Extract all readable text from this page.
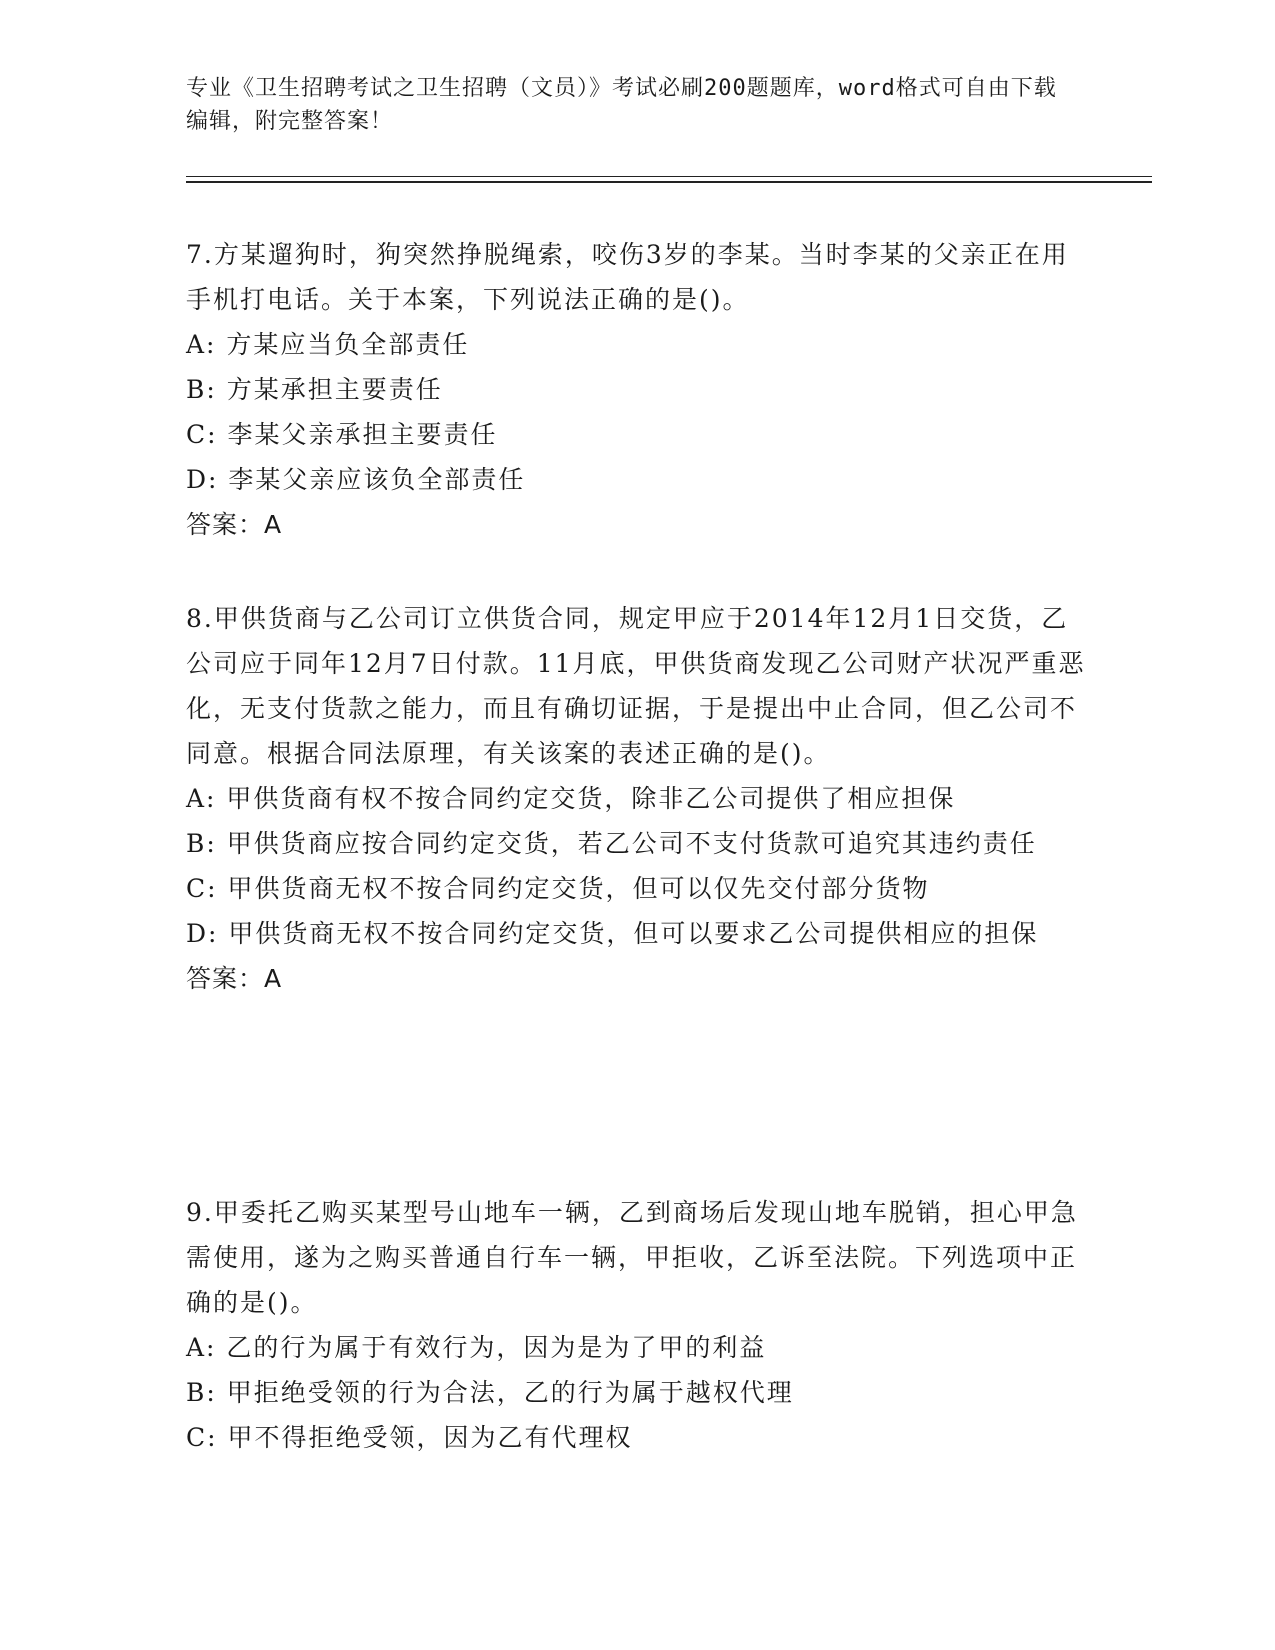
专业《卫生招聘考试之卫生招聘（文员）》考试必刷200题题库，word格式可自由下载编辑，附完整答案！
7.方某遛狗时，狗突然挣脱绳索，咬伤3岁的李某。当时李某的父亲正在用手机打电话。关于本案，下列说法正确的是()。
A: 方某应当负全部责任
B: 方某承担主要责任
C: 李某父亲承担主要责任
D: 李某父亲应该负全部责任
答案：A
8.甲供货商与乙公司订立供货合同，规定甲应于2014年12月1日交货，乙公司应于同年12月7日付款。11月底，甲供货商发现乙公司财产状况严重恶化，无支付货款之能力，而且有确切证据，于是提出中止合同，但乙公司不同意。根据合同法原理，有关该案的表述正确的是()。
A: 甲供货商有权不按合同约定交货，除非乙公司提供了相应担保
B: 甲供货商应按合同约定交货，若乙公司不支付货款可追究其违约责任
C: 甲供货商无权不按合同约定交货，但可以仅先交付部分货物
D: 甲供货商无权不按合同约定交货，但可以要求乙公司提供相应的担保
答案：A
9.甲委托乙购买某型号山地车一辆，乙到商场后发现山地车脱销，担心甲急需使用，遂为之购买普通自行车一辆，甲拒收，乙诉至法院。下列选项中正确的是()。
A: 乙的行为属于有效行为，因为是为了甲的利益
B: 甲拒绝受领的行为合法，乙的行为属于越权代理
C: 甲不得拒绝受领，因为乙有代理权
